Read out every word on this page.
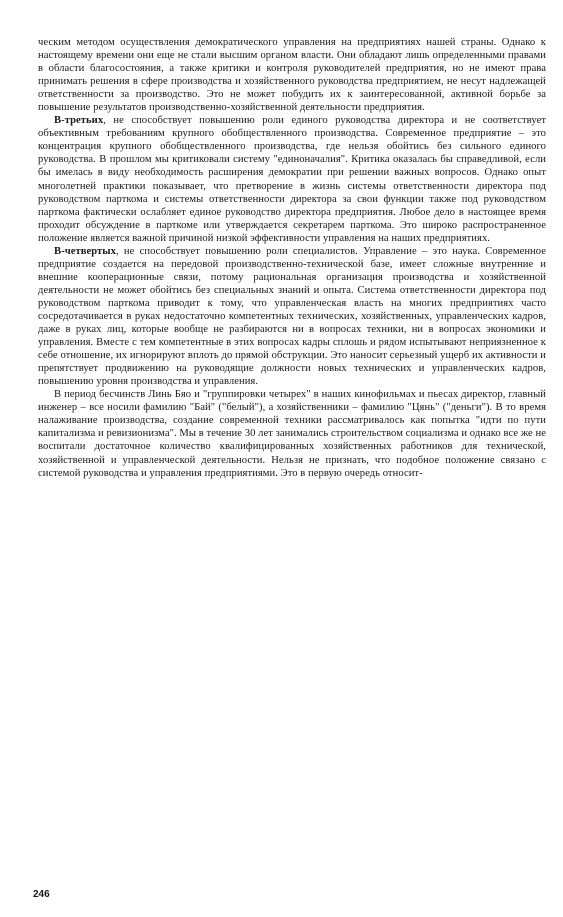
ческим методом осуществления демократического управления на предприятиях нашей страны. Однако к настоящему времени они еще не стали высшим органом власти. Они обладают лишь определенными правами в области благосостояния, а также критики и контроля руководителей предприятия, но не имеют права принимать решения в сфере производства и хозяйственного руководства предприятием, не несут надлежащей ответственности за производство. Это не может побудить их к заинтересованной, активной борьбе за повышение результатов производственно-хозяйственной деятельности предприятия.

В-третьих, не способствует повышению роли единого руководства директора и не соответствует объективным требованиям крупного обобществленного производства. Современное предприятие – это концентрация крупного обобществленного производства, где нельзя обойтись без сильного единого руководства. В прошлом мы критиковали систему "единоначалия". Критика оказалась бы справедливой, если бы имелась в виду необходимость расширения демократии при решении важных вопросов. Однако опыт многолетней практики показывает, что претворение в жизнь системы ответственности директора под руководством парткома и системы ответственности директора за свои функции также под руководством парткома фактически ослабляет единое руководство директора предприятия. Любое дело в настоящее время проходит обсуждение в парткоме или утверждается секретарем парткома. Это широко распространенное положение является важной причиной низкой эффективности управления на наших предприятиях.

В-четвертых, не способствует повышению роли специалистов. Управление – это наука. Современное предприятие создается на передовой производственно-технической базе, имеет сложные внутренние и внешние кооперационные связи, потому рациональная организация производства и хозяйственной деятельности не может обойтись без специальных знаний и опыта. Система ответственности директора под руководством парткома приводит к тому, что управленческая власть на многих предприятиях часто сосредотачивается в руках недостаточно компетентных технических, хозяйственных, управленческих кадров, даже в руках лиц, которые вообще не разбираются ни в вопросах техники, ни в вопросах экономики и управления. Вместе с тем компетентные в этих вопросах кадры сплошь и рядом испытывают неприязненное к себе отношение, их игнорируют вплоть до прямой обструкции. Это наносит серьезный ущерб их активности и препятствует продвижению на руководящие должности новых технических и управленческих кадров, повышению уровня производства и управления.

В период бесчинств Линь Бяо и "группировки четырех" в наших кинофильмах и пьесах директор, главный инженер – все носили фамилию "Бай" ("белый"), а хозяйственники – фамилию "Цянь" ("деньги"). В то время налаживание производства, создание современной техники рассматривалось как попытка "идти по пути капитализма и ревизионизма". Мы в течение 30 лет занимались строительством социализма и однако все же не воспитали достаточное количество квалифицированных хозяйственных работников для технической, хозяйственной и управленческой деятельности. Нельзя не признать, что подобное положение связано с системой руководства и управления предприятиями. Это в первую очередь относит-

246
